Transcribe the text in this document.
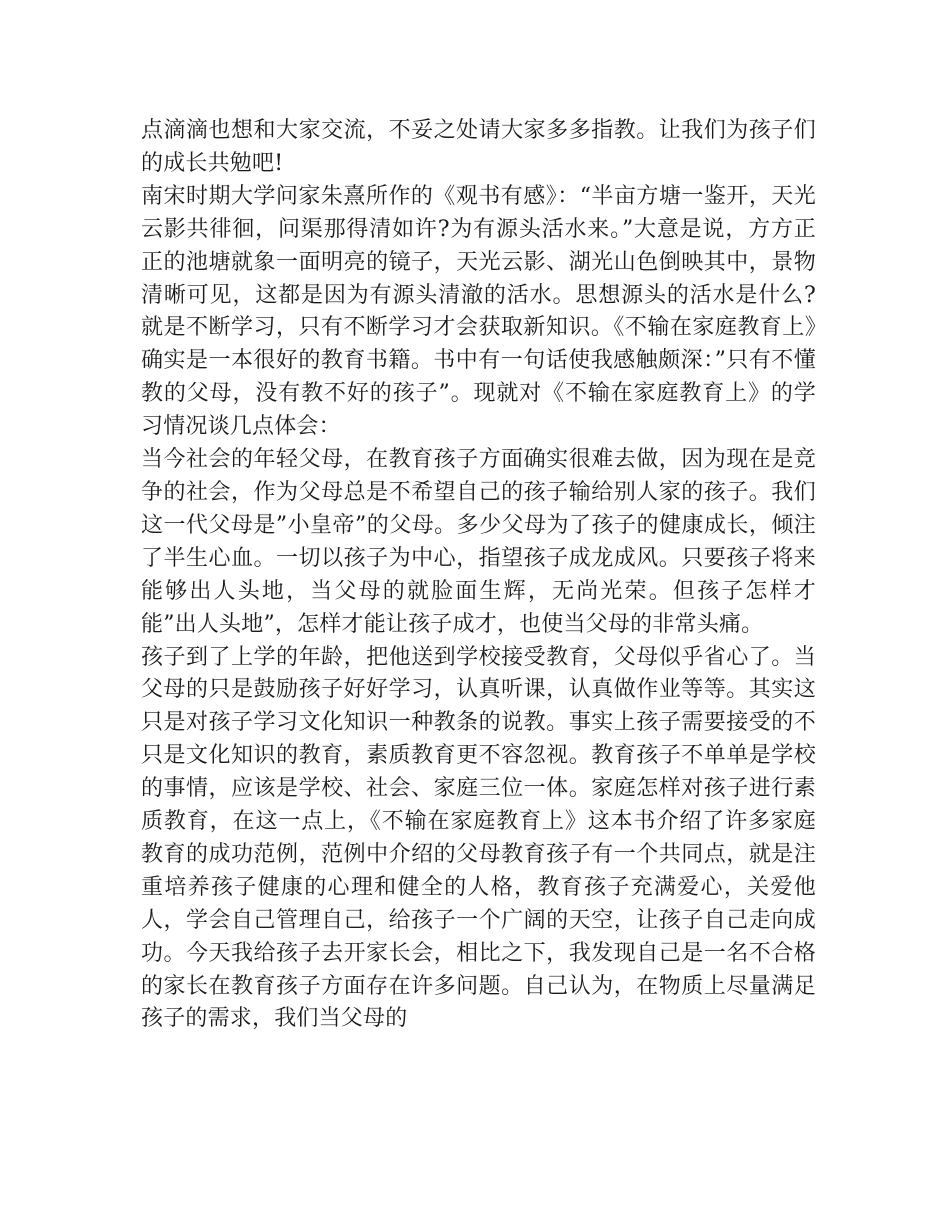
点滴滴也想和大家交流，不妥之处请大家多多指教。让我们为孩子们的成长共勉吧!

南宋时期大学问家朱熹所作的《观书有感》：“半亩方塘一鉴开，天光云影共徘徊，问渠那得清如许?为有源头活水来。”大意是说，方方正正的池塘就象一面明亮的镜子，天光云影、湖光山色倒映其中，景物清晰可见，这都是因为有源头清澈的活水。思想源头的活水是什么?就是不断学习，只有不断学习才会获取新知识。《不输在家庭教育上》确实是一本很好的教育书籍。书中有一句话使我感触颇深：”只有不懂教的父母，没有教不好的孩子”。现就对《不输在家庭教育上》的学习情况谈几点体会：

当今社会的年轻父母，在教育孩子方面确实很难去做，因为现在是竞争的社会，作为父母总是不希望自己的孩子输给别人家的孩子。我们这一代父母是”小皇帝”的父母。多少父母为了孩子的健康成长，倾注了半生心血。一切以孩子为中心，指望孩子成龙成风。只要孩子将来能够出人头地，当父母的就脸面生辉，无尚光荣。但孩子怎样才能”出人头地”，怎样才能让孩子成才，也使当父母的非常头痛。

孩子到了上学的年龄，把他送到学校接受教育，父母似乎省心了。当父母的只是鼓励孩子好好学习，认真听课，认真做作业等等。其实这只是对孩子学习文化知识一种教条的说教。事实上孩子需要接受的不只是文化知识的教育，素质教育更不容忽视。教育孩子不单单是学校的事情，应该是学校、社会、家庭三位一体。家庭怎样对孩子进行素质教育，在这一点上，《不输在家庭教育上》这本书介绍了许多家庭教育的成功范例，范例中介绍的父母教育孩子有一个共同点，就是注重培养孩子健康的心理和健全的人格，教育孩子充满爱心，关爱他人，学会自己管理自己，给孩子一个广阔的天空，让孩子自己走向成功。今天我给孩子去开家长会，相比之下，我发现自己是一名不合格的家长在教育孩子方面存在许多问题。自己认为，在物质上尽量满足孩子的需求，我们当父母的
